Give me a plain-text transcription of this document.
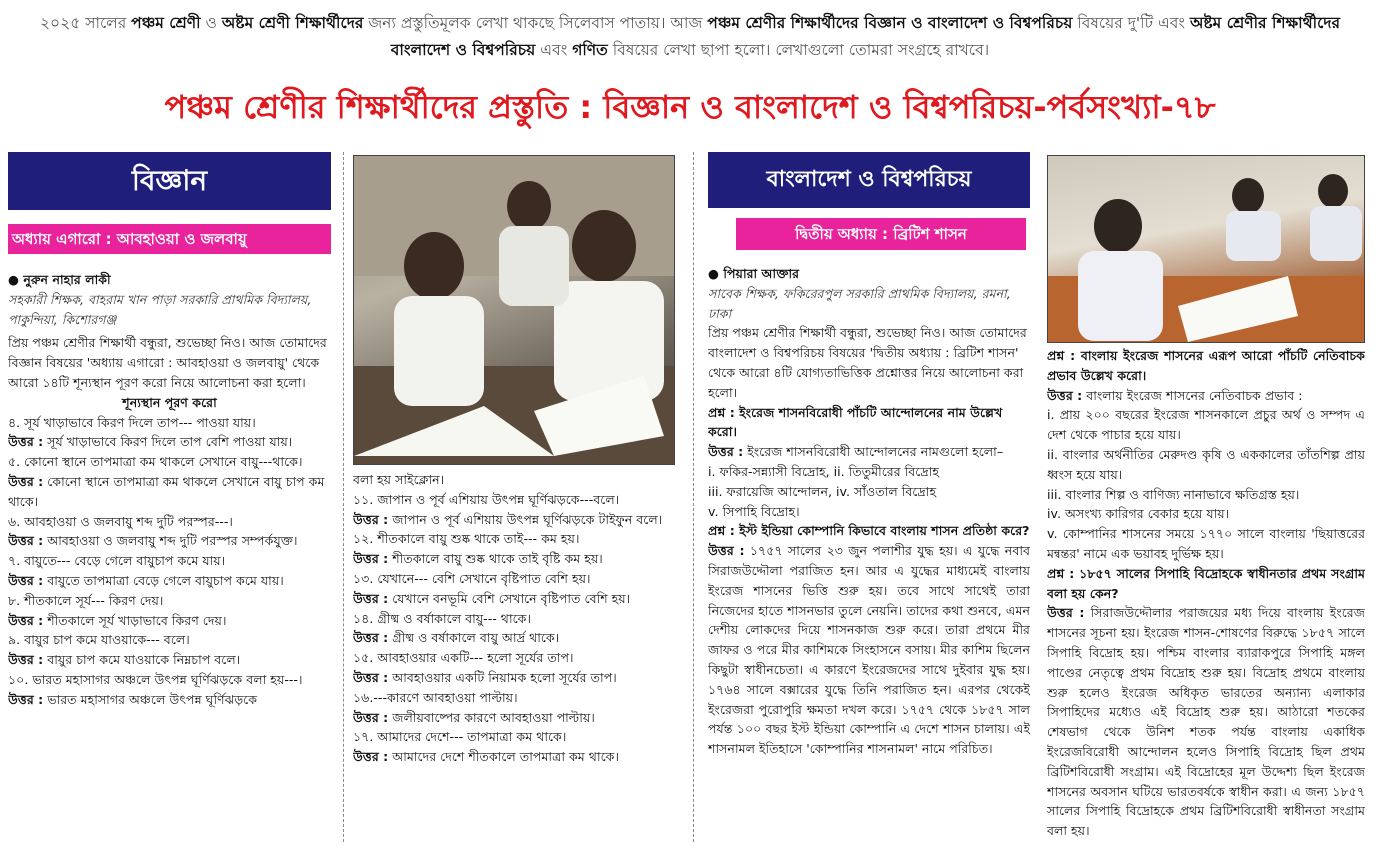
২০২৫ সালের পঞ্চম শ্রেণী ও অষ্টম শ্রেণী শিক্ষার্থীদের জন্য প্রস্তুতিমূলক লেখা থাকছে সিলেবাস পাতায়। আজ পঞ্চম শ্রেণীর শিক্ষার্থীদের বিজ্ঞান ও বাংলাদেশ ও বিশ্বপরিচয় বিষয়ের দু'টি এবং অষ্টম শ্রেণীর শিক্ষার্থীদের বাংলাদেশ ও বিশ্বপরিচয় এবং গণিত বিষয়ের লেখা ছাপা হলো। লেখাগুলো তোমরা সংগ্রহে রাখবে।
পঞ্চম শ্রেণীর শিক্ষার্থীদের প্রস্তুতি : বিজ্ঞান ও বাংলাদেশ ও বিশ্বপরিচয়-পর্বসংখ্যা-৭৮
বিজ্ঞান
অধ্যায় এগারো : আবহাওয়া ও জলবায়ু

● নুরুন নাহার লাকী

সহকারী শিক্ষক, বাহরাম খান পাড়া সরকারি প্রাথমিক বিদ্যালয়, পাকুন্দিয়া, কিশোরগঞ্জ

প্রিয় পঞ্চম শ্রেণীর শিক্ষার্থী বন্ধুরা, শুভেচ্ছা নিও। আজ তোমাদের বিজ্ঞান বিষয়ের 'অধ্যায় এগারো : আবহাওয়া ও জলবায়ু' থেকে আরো ১৪টি শূন্যস্থান পূরণ করো নিয়ে আলোচনা করা হলো।

শূন্যস্থান পূরণ করো

৪. সূর্য খাড়াভাবে কিরণ দিলে তাপ--- পাওয়া যায়।

উত্তর : সূর্য খাড়াভাবে কিরণ দিলে তাপ বেশি পাওয়া যায়।

৫. কোনো স্থানে তাপমাত্রা কম থাকলে সেখানে বায়ু---থাকে।

উত্তর : কোনো স্থানে তাপমাত্রা কম থাকলে সেখানে বায়ু চাপ কম থাকে।

৬. আবহাওয়া ও জলবায়ু শব্দ দুটি পরস্পর---।

উত্তর : আবহাওয়া ও জলবায়ু শব্দ দুটি পরস্পর সম্পর্কযুক্ত।

৭. বায়ুতে--- বেড়ে গেলে বায়ুচাপ কমে যায়।

উত্তর : বায়ুতে তাপমাত্রা বেড়ে গেলে বায়ুচাপ কমে যায়।

৮. শীতকালে সূর্য--- কিরণ দেয়।

উত্তর : শীতকালে সূর্য খাড়াভাবে কিরণ দেয়।

৯. বায়ুর চাপ কমে যাওয়াকে--- বলে।

উত্তর : বায়ুর চাপ কমে যাওয়াকে নিম্নচাপ বলে।

১০. ভারত মহাসাগর অঞ্চলে উৎপন্ন ঘূর্ণিঝড়কে বলা হয়---।

উত্তর : ভারত মহাসাগর অঞ্চলে উৎপন্ন ঘূর্ণিঝড়কে

বলা হয় সাইক্লোন।

১১. জাপান ও পূর্ব এশিয়ায় উৎপন্ন ঘূর্ণিঝড়কে---বলে।

উত্তর : জাপান ও পূর্ব এশিয়ায় উৎপন্ন ঘূর্ণিঝড়কে টাইফুন বলে।

১২. শীতকালে বায়ু শুষ্ক থাকে তাই--- কম হয়।

উত্তর : শীতকালে বায়ু শুষ্ক থাকে তাই বৃষ্টি কম হয়।

১৩. যেখানে--- বেশি সেখানে বৃষ্টিপাত বেশি হয়।

উত্তর : যেখানে বনভূমি বেশি সেখানে বৃষ্টিপাত বেশি হয়।

১৪. গ্রীষ্ম ও বর্ষাকালে বায়ু--- থাকে।

উত্তর : গ্রীষ্ম ও বর্ষাকালে বায়ু আর্দ্র থাকে।

১৫. আবহাওয়ার একটি--- হলো সূর্যের তাপ।

উত্তর : আবহাওয়ার একটি নিয়ামক হলো সূর্যের তাপ।

১৬.---কারণে আবহাওয়া পাল্টায়।

উত্তর : জলীয়বাষ্পের কারণে আবহাওয়া পাল্টায়।

১৭. আমাদের দেশে--- তাপমাত্রা কম থাকে।

উত্তর : আমাদের দেশে শীতকালে তাপমাত্রা কম থাকে।

বাংলাদেশ ও বিশ্বপরিচয়
দ্বিতীয় অধ্যায় : ব্রিটিশ শাসন

● পিয়ারা আক্তার

সাবেক শিক্ষক, ফকিরেরপুল সরকারি প্রাথমিক বিদ্যালয়, রমনা, ঢাকা

প্রিয় পঞ্চম শ্রেণীর শিক্ষার্থী বন্ধুরা, শুভেচ্ছা নিও। আজ তোমাদের বাংলাদেশ ও বিশ্বপরিচয় বিষয়ের 'দ্বিতীয় অধ্যায় : ব্রিটিশ শাসন' থেকে আরো ৪টি যোগ্যতাভিত্তিক প্রশ্নোত্তর নিয়ে আলোচনা করা হলো।

প্রশ্ন : ইংরেজ শাসনবিরোধী পাঁচটি আন্দোলনের নাম উল্লেখ করো।

উত্তর : ইংরেজ শাসনবিরোধী আন্দোলনের নামগুলো হলো–

i. ফকির-সন্ন্যাসী বিদ্রোহ, ii. তিতুমীরের বিদ্রোহ

iii. ফরায়েজি আন্দোলন, iv. সাঁওতাল বিদ্রোহ

v. সিপাহি বিদ্রোহ।

প্রশ্ন : ইস্ট ইন্ডিয়া কোম্পানি কিভাবে বাংলায় শাসন প্রতিষ্ঠা করে?

উত্তর : ১৭৫৭ সালের ২৩ জুন পলাশীর যুদ্ধ হয়। এ যুদ্ধে নবাব সিরাজউদ্দৌলা পরাজিত হন। আর এ যুদ্ধের মাধ্যমেই বাংলায় ইংরেজ শাসনের ভিত্তি শুরু হয়। তবে সাথে সাথেই তারা নিজেদের হাতে শাসনভার তুলে নেয়নি। তাদের কথা শুনবে, এমন দেশীয় লোকদের দিয়ে শাসনকাজ শুরু করে। তারা প্রথমে মীর জাফর ও পরে মীর কাশিমকে সিংহাসনে বসায়। মীর কাশিম ছিলেন কিছুটা স্বাধীনচেতা। এ কারণে ইংরেজদের সাথে দুইবার যুদ্ধ হয়। ১৭৬৪ সালে বক্সারের যুদ্ধে তিনি পরাজিত হন। এরপর থেকেই ইংরেজরা পুরোপুরি ক্ষমতা দখল করে। ১৭৫৭ থেকে ১৮৫৭ সাল পর্যন্ত ১০০ বছর ইস্ট ইন্ডিয়া কোম্পানি এ দেশে শাসন চালায়। এই শাসনামল ইতিহাসে 'কোম্পানির শাসনামল' নামে পরিচিত।

প্রশ্ন : বাংলায় ইংরেজ শাসনের এরূপ আরো পাঁচটি নেতিবাচক প্রভাব উল্লেখ করো।

উত্তর : বাংলায় ইংরেজ শাসনের নেতিবাচক প্রভাব :

i. প্রায় ২০০ বছরের ইংরেজ শাসনকালে প্রচুর অর্থ ও সম্পদ এ দেশ থেকে পাচার হয়ে যায়।

ii. বাংলার অর্থনীতির মেরুদণ্ড কৃষি ও এককালের তাঁতশিল্প প্রায় ধ্বংস হয়ে যায়।

iii. বাংলার শিল্প ও বাণিজ্য নানাভাবে ক্ষতিগ্রস্ত হয়।

iv. অসংখ্য কারিগর বেকার হয়ে যায়।

v. কোম্পানির শাসনের সময়ে ১৭৭০ সালে বাংলায় 'ছিয়াত্তরের মন্বন্তর' নামে এক ভয়াবহ দুর্ভিক্ষ হয়।

প্রশ্ন : ১৮৫৭ সালের সিপাহি বিদ্রোহকে স্বাধীনতার প্রথম সংগ্রাম বলা হয় কেন?

উত্তর : সিরাজউদ্দৌলার পরাজয়ের মধ্য দিয়ে বাংলায় ইংরেজ শাসনের সূচনা হয়। ইংরেজ শাসন-শোষণের বিরুদ্ধে ১৮৫৭ সালে সিপাহি বিদ্রোহ হয়। পশ্চিম বাংলার ব্যারাকপুরে সিপাহি মঙ্গল পাণ্ডের নেতৃত্বে প্রথম বিদ্রোহ শুরু হয়। বিদ্রোহ প্রথমে বাংলায় শুরু হলেও ইংরেজ অধিকৃত ভারতের অন্যান্য এলাকার সিপাহিদের মধ্যেও এই বিদ্রোহ শুরু হয়। আঠারো শতকের শেষভাগ থেকে উনিশ শতক পর্যন্ত বাংলায় একাধিক ইংরেজবিরোধী আন্দোলন হলেও সিপাহি বিদ্রোহ ছিল প্রথম ব্রিটিশবিরোধী সংগ্রাম। এই বিদ্রোহের মূল উদ্দেশ্য ছিল ইংরেজ শাসনের অবসান ঘটিয়ে ভারতবর্ষকে স্বাধীন করা। এ জন্য ১৮৫৭ সালের সিপাহি বিদ্রোহকে প্রথম ব্রিটিশবিরোধী স্বাধীনতা সংগ্রাম বলা হয়।
